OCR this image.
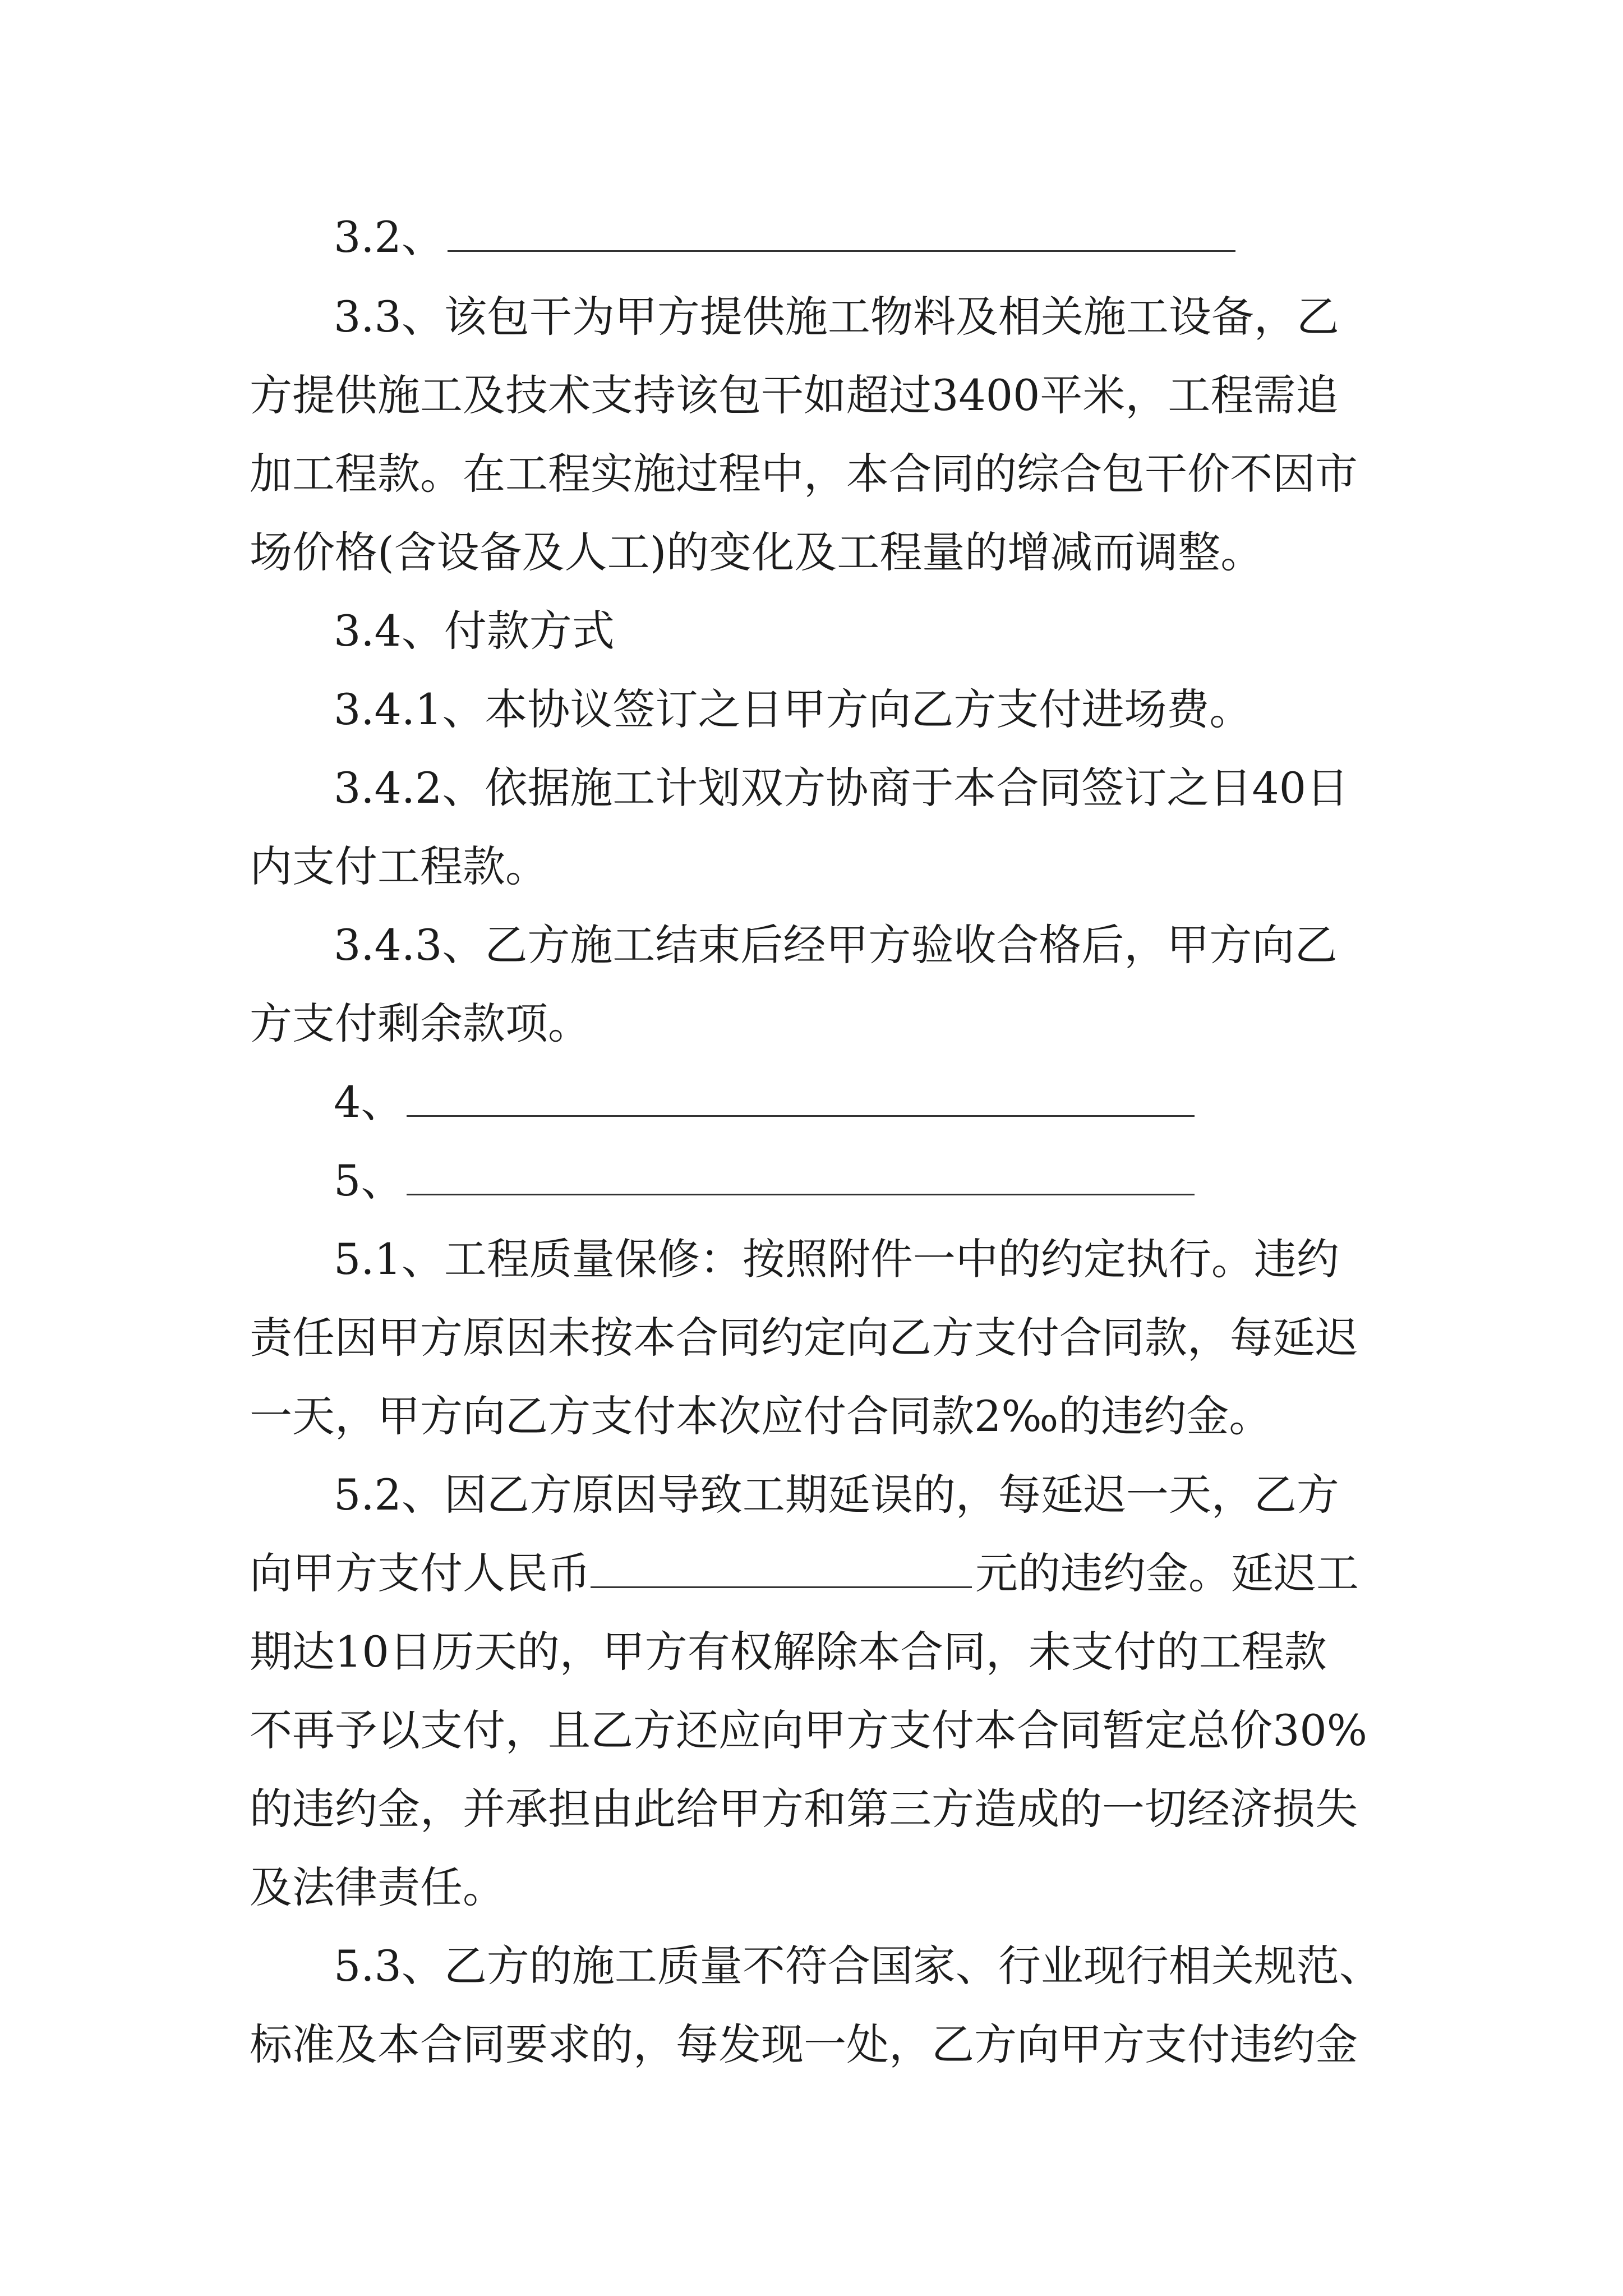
3.2、
3.3、该包干为甲方提供施工物料及相关施工设备，乙
方提供施工及技术支持该包干如超过3400平米，工程需追
加工程款。在工程实施过程中，本合同的综合包干价不因市
场价格(含设备及人工)的变化及工程量的增减而调整。
3.4、付款方式
3.4.1、本协议签订之日甲方向乙方支付进场费。
3.4.2、依据施工计划双方协商于本合同签订之日40日
内支付工程款。
3.4.3、乙方施工结束后经甲方验收合格后，甲方向乙
方支付剩余款项。
4、
5、
5.1、工程质量保修：按照附件一中的约定执行。违约
责任因甲方原因未按本合同约定向乙方支付合同款，每延迟
一天，甲方向乙方支付本次应付合同款2‰的违约金。
5.2、因乙方原因导致工期延误的，每延迟一天，乙方
向甲方支付人民币	元的违约金。延迟工
期达10日历天的，甲方有权解除本合同，未支付的工程款
不再予以支付，且乙方还应向甲方支付本合同暂定总价30%
的违约金，并承担由此给甲方和第三方造成的一切经济损失
及法律责任。
5.3、乙方的施工质量不符合国家、行业现行相关规范、
标准及本合同要求的，每发现一处，乙方向甲方支付违约金
